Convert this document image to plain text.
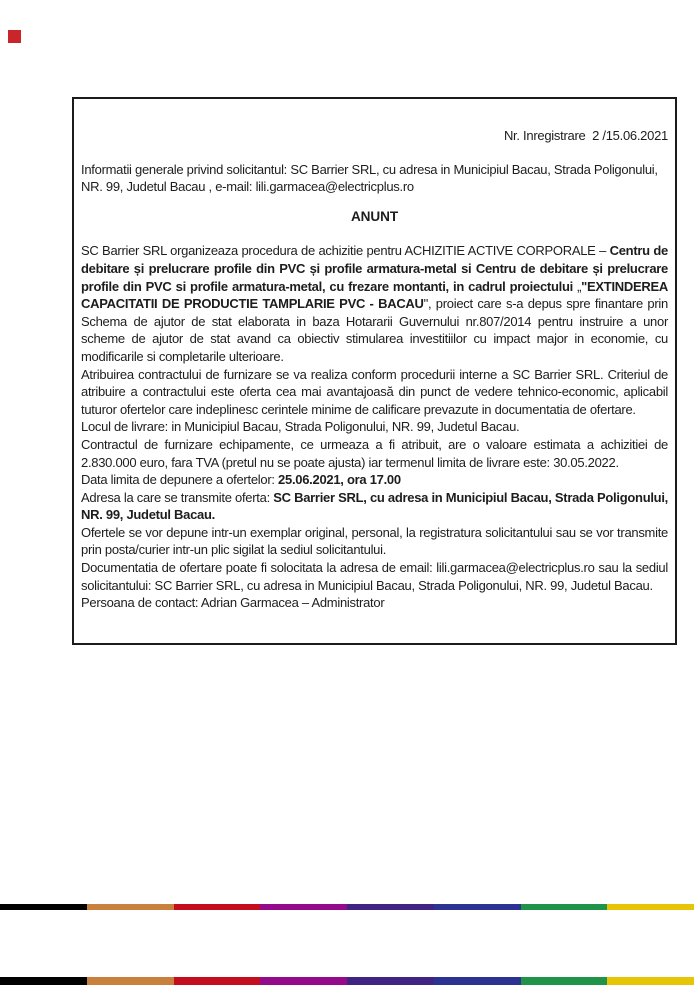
Nr. Inregistrare  2 /15.06.2021

Informatii generale privind solicitantul: SC Barrier SRL, cu adresa in Municipiul Bacau, Strada Poligonului, NR. 99, Judetul Bacau , e-mail: lili.garmacea@electricplus.ro

ANUNT

SC Barrier SRL organizeaza procedura de achizitie pentru ACHIZITIE ACTIVE CORPORALE – Centru de debitare și prelucrare profile din PVC și profile armatura-metal si Centru de debitare și prelucrare profile din PVC si profile armatura-metal, cu frezare montanti, in cadrul proiectului „"EXTINDEREA CAPACITATII DE PRODUCTIE TAMPLARIE PVC - BACAU", proiect care s-a depus spre finantare prin Schema de ajutor de stat elaborata in baza Hotararii Guvernului nr.807/2014 pentru instruire a unor scheme de ajutor de stat avand ca obiectiv stimularea investitiilor cu impact major in economie, cu modificarile si completarile ulterioare.

Atribuirea contractului de furnizare se va realiza conform procedurii interne a SC Barrier SRL. Criteriul de atribuire a contractului este oferta cea mai avantajoasă din punct de vedere tehnico-economic, aplicabil tuturor ofertelor care indeplinesc cerintele minime de calificare prevazute in documentatia de ofertare.

Locul de livrare: in Municipiul Bacau, Strada Poligonului, NR. 99, Judetul Bacau.

Contractul de furnizare echipamente, ce urmeaza a fi atribuit, are o valoare estimata a achizitiei de 2.830.000 euro, fara TVA (pretul nu se poate ajusta) iar termenul limita de livrare este: 30.05.2022.

Data limita de depunere a ofertelor: 25.06.2021, ora 17.00

Adresa la care se transmite oferta: SC Barrier SRL, cu adresa in Municipiul Bacau, Strada Poligonului, NR. 99, Judetul Bacau.

Ofertele se vor depune intr-un exemplar original, personal, la registratura solicitantului sau se vor transmite prin posta/curier intr-un plic sigilat la sediul solicitantului.

Documentatia de ofertare poate fi solocitata la adresa de email: lili.garmacea@electricplus.ro sau la sediul solicitantului: SC Barrier SRL, cu adresa in Municipiul Bacau, Strada Poligonului, NR. 99, Judetul Bacau.

Persoana de contact: Adrian Garmacea – Administrator
